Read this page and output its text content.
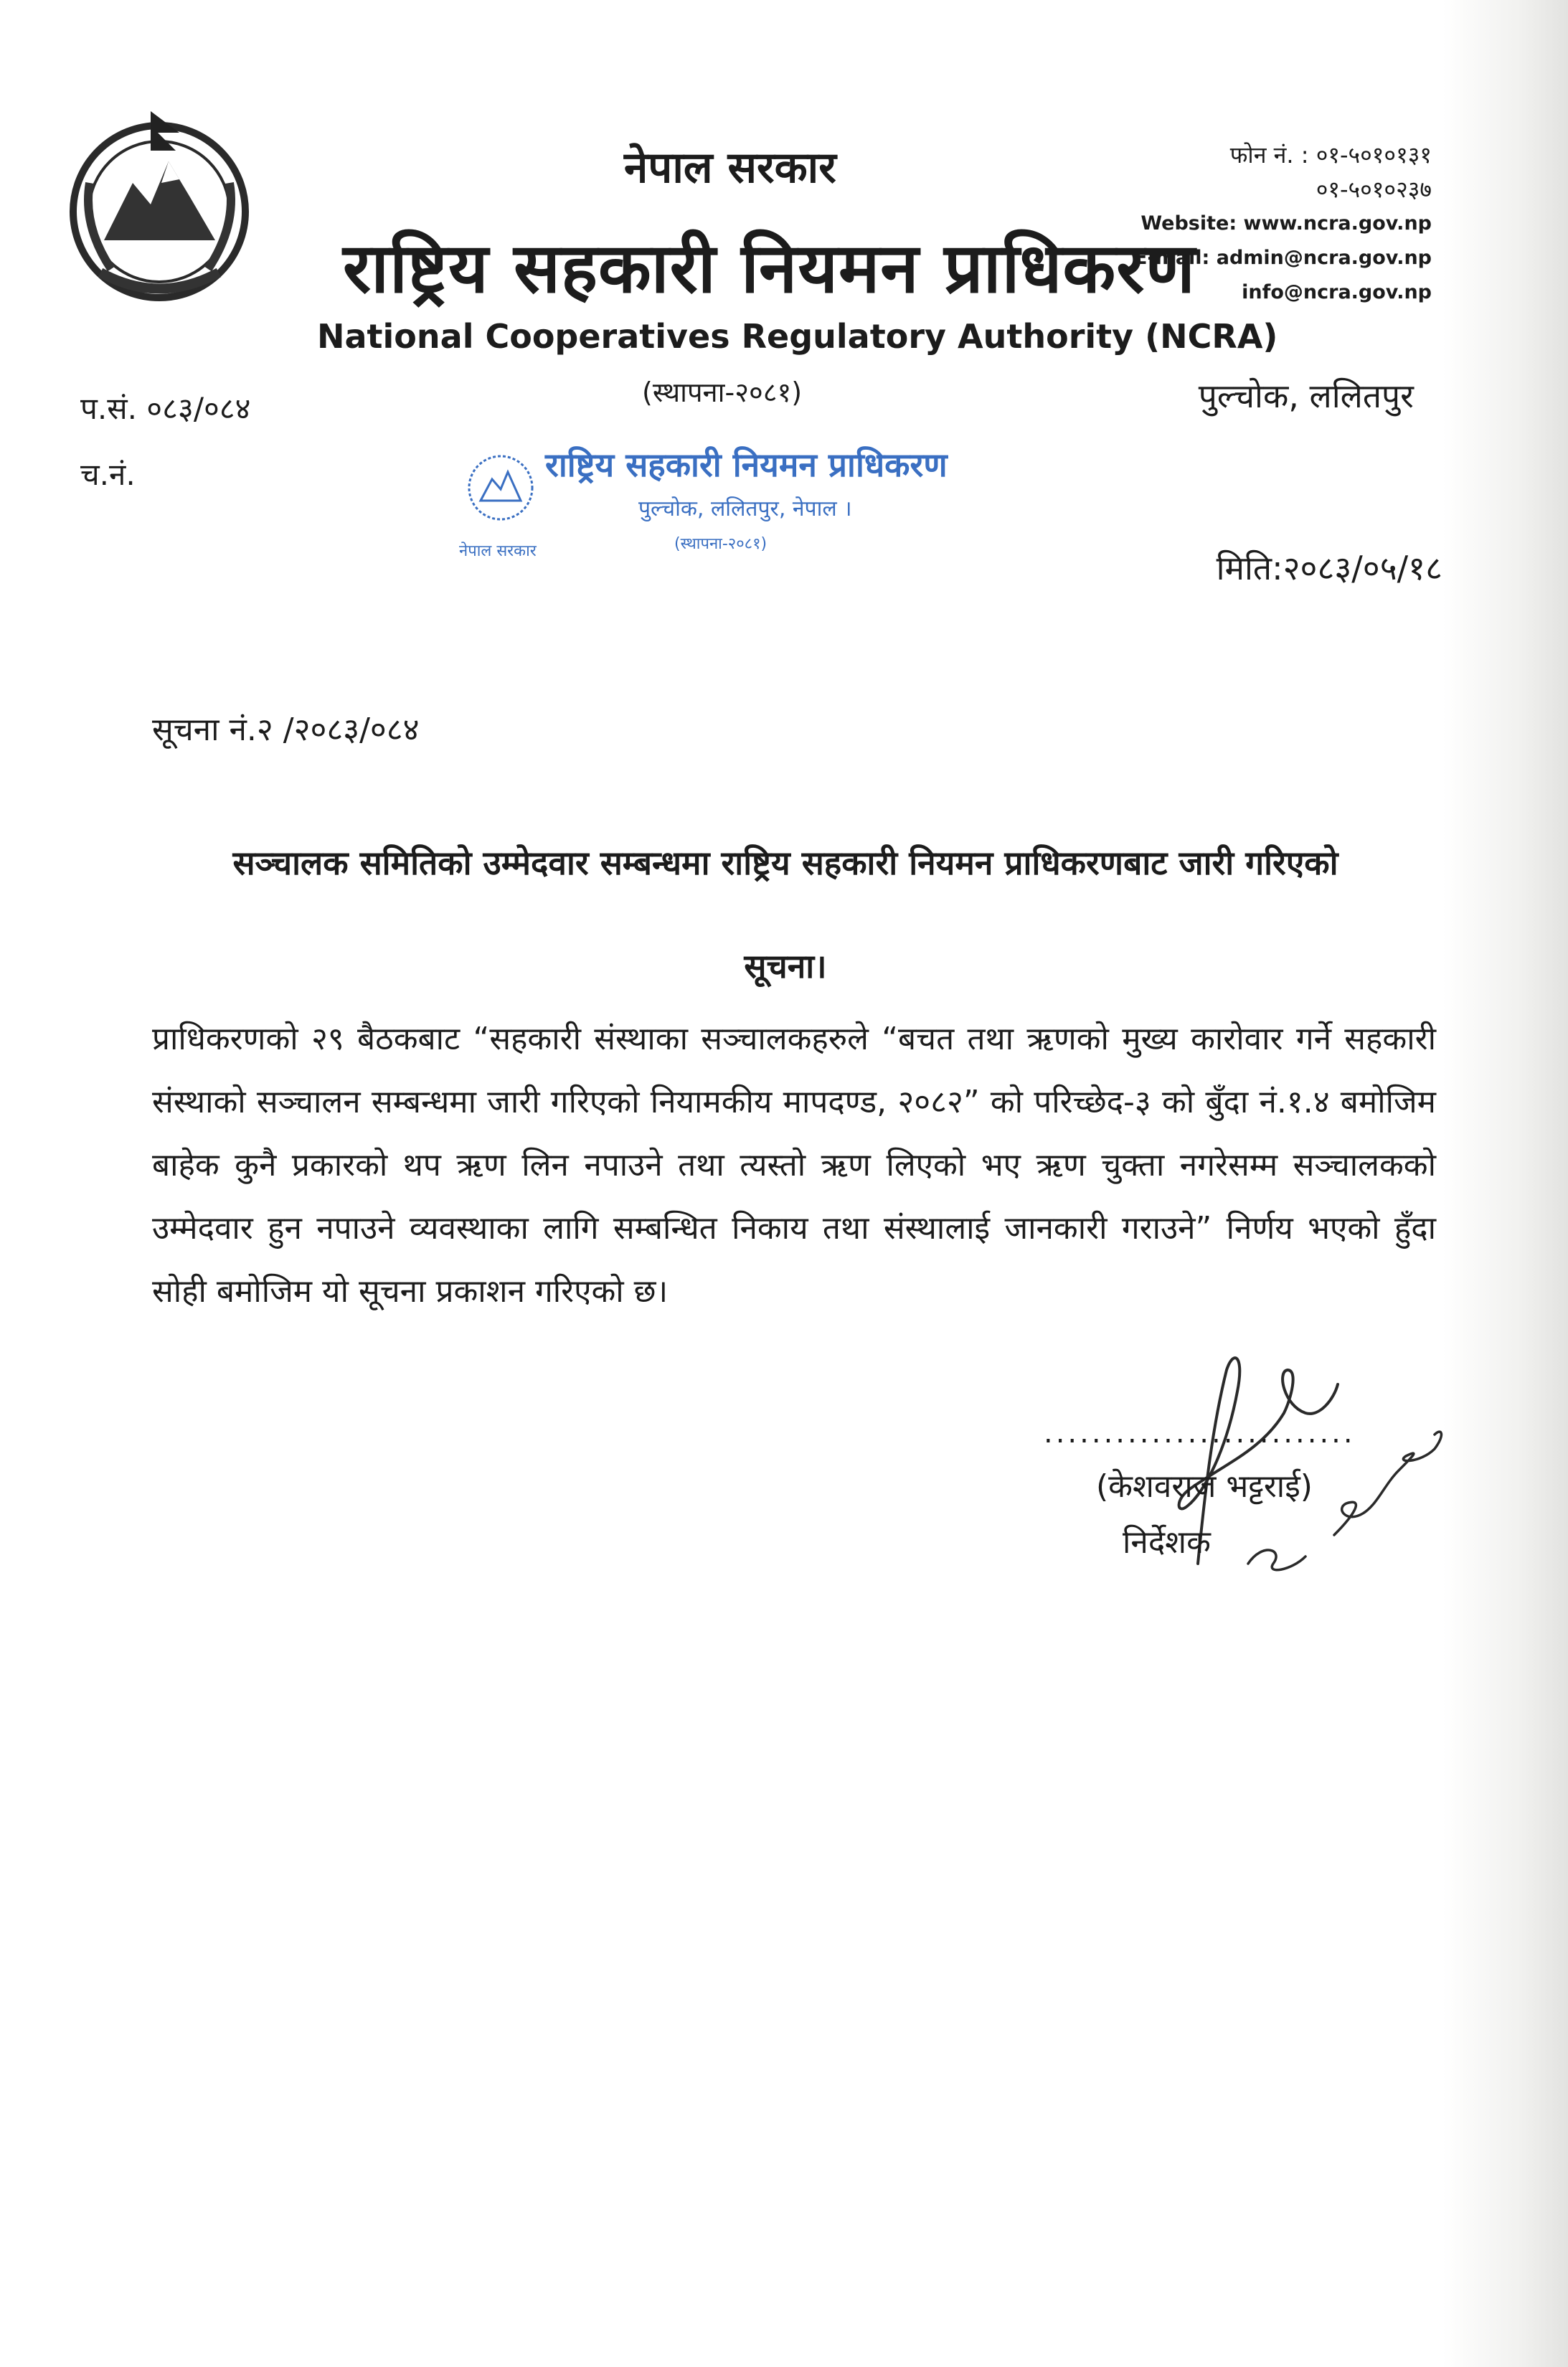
नेपाल सरकार
राष्ट्रिय सहकारी नियमन प्राधिकरण
National Cooperatives Regulatory Authority (NCRA)
(स्थापना-२०८१)
फोन नं. : ०१-५०१०१३१
०१-५०१०२३७
Website: www.ncra.gov.np
E-mail: admin@ncra.gov.np
info@ncra.gov.np
पुल्चोक, ललितपुर
प.सं. ०८३/०८४
च.नं.
मिति:२०८३/०५/१८
राष्ट्रिय सहकारी नियमन प्राधिकरण
पुल्चोक, ललितपुर, नेपाल ।
(स्थापना-२०८१)
नेपाल सरकार
सूचना नं.२ /२०८३/०८४
सञ्चालक समितिको उम्मेदवार सम्बन्धमा राष्ट्रिय सहकारी नियमन प्राधिकरणबाट जारी गरिएको
सूचना।
प्राधिकरणको २९ बैठकबाट “सहकारी संस्थाका सञ्चालकहरुले “बचत तथा ऋणको मुख्य कारोवार गर्ने सहकारी संस्थाको सञ्चालन सम्बन्धमा जारी गरिएको नियामकीय मापदण्ड, २०८२” को परिच्छेद-३ को बुँदा नं.१.४ बमोजिम बाहेक कुनै प्रकारको थप ऋण लिन नपाउने तथा त्यस्तो ऋण लिएको भए ऋण चुक्ता नगरेसम्म सञ्चालकको उम्मेदवार हुन नपाउने व्यवस्थाका लागि सम्बन्धित निकाय तथा संस्थालाई जानकारी गराउने” निर्णय भएको हुँदा सोही बमोजिम यो सूचना प्रकाशन गरिएको छ।
..........................
(केशवराज भट्टराई)
निर्देशक
